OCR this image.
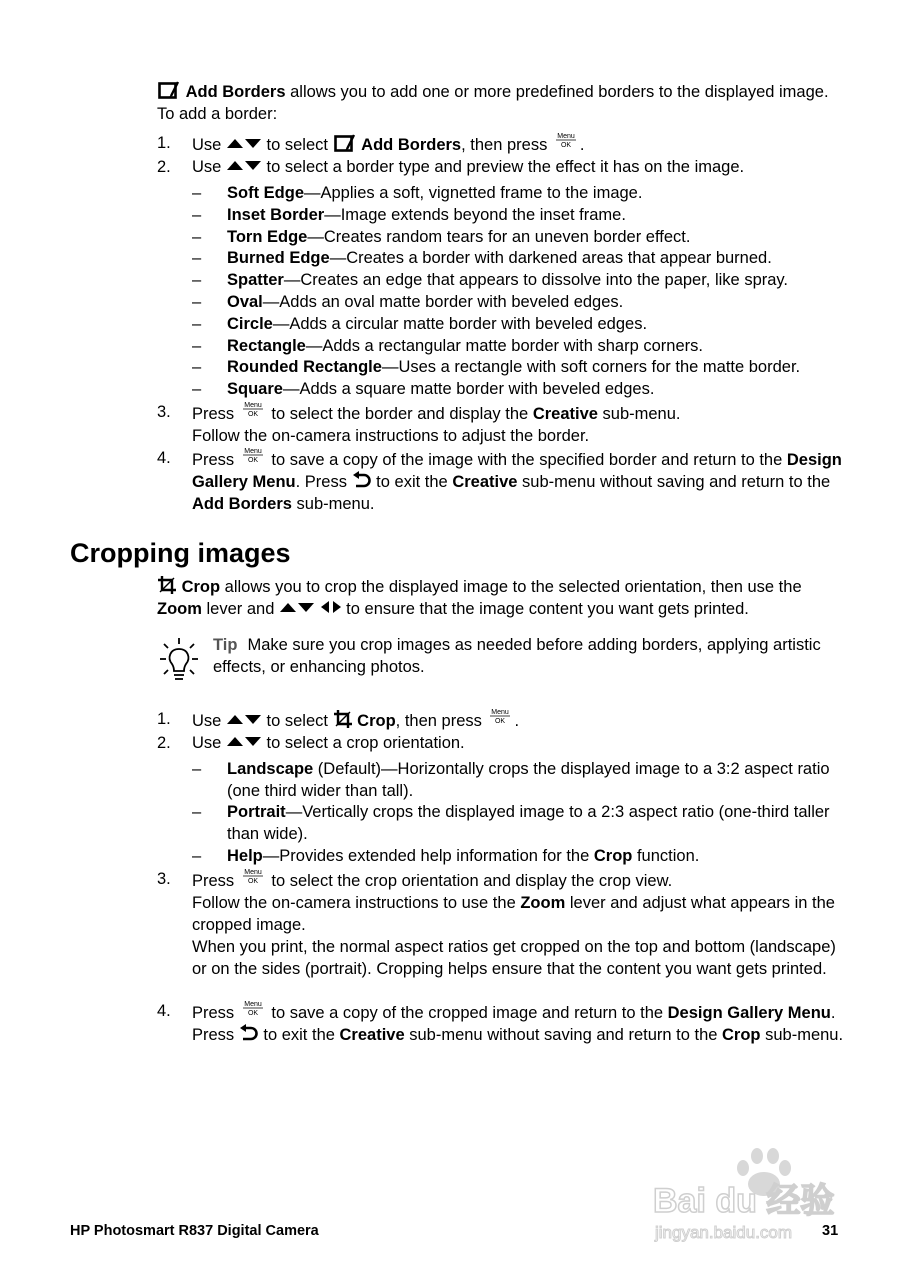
Add Borders allows you to add one or more predefined borders to the displayed image. To add a border:
1.	Use	to select Add Borders, then press Menu
OK .
2.	Use	to select a border type and preview the effect it has on the image.
–	Soft Edge—Applies a soft, vignetted frame to the image.
–	Inset Border—Image extends beyond the inset frame.
–	Torn Edge—Creates random tears for an uneven border effect.
–	Burned Edge—Creates a border with darkened areas that appear burned.
–	Spatter—Creates an edge that appears to dissolve into the paper, like spray.
–	Oval—Adds an oval matte border with beveled edges.
–	Circle—Adds a circular matte border with beveled edges.
–	Rectangle—Adds a rectangular matte border with sharp corners.
–	Rounded Rectangle—Uses a rectangle with soft corners for the matte border.
–	Square—Adds a square matte border with beveled edges.
3.	Press Menu
OK to select the border and display the Creative sub-menu.
Follow the on-camera instructions to adjust the border.
4.	Press Menu
OK to save a copy of the image with the specified border and return to the Design Gallery Menu. Press to exit the Creative sub-menu without saving and return to the Add Borders sub-menu.
Cropping images
Crop allows you to crop the displayed image to the selected orientation, then use the Zoom lever and	to ensure that the image content you want gets printed.
Tip Make sure you crop images as needed before adding borders, applying artistic effects, or enhancing photos.
1.	Use	to select Crop, then press Menu
OK .
2.	Use	to select a crop orientation.
–	Landscape (Default)—Horizontally crops the displayed image to a 3:2 aspect ratio (one third wider than tall).
–	Portrait—Vertically crops the displayed image to a 2:3 aspect ratio (one-third taller than wide).
–	Help—Provides extended help information for the Crop function.
3.	Press Menu
OK to select the crop orientation and display the crop view.
Follow the on-camera instructions to use the Zoom lever and adjust what appears in the cropped image.
When you print, the normal aspect ratios get cropped on the top and bottom (landscape) or on the sides (portrait). Cropping helps ensure that the content you want gets printed.
4.	Press Menu
OK to save a copy of the cropped image and return to the Design Gallery Menu. Press to exit the Creative sub-menu without saving and return to the Crop sub-menu.
Bai du 经验
jingyan.baidu.com
HP Photosmart R837 Digital Camera	31
